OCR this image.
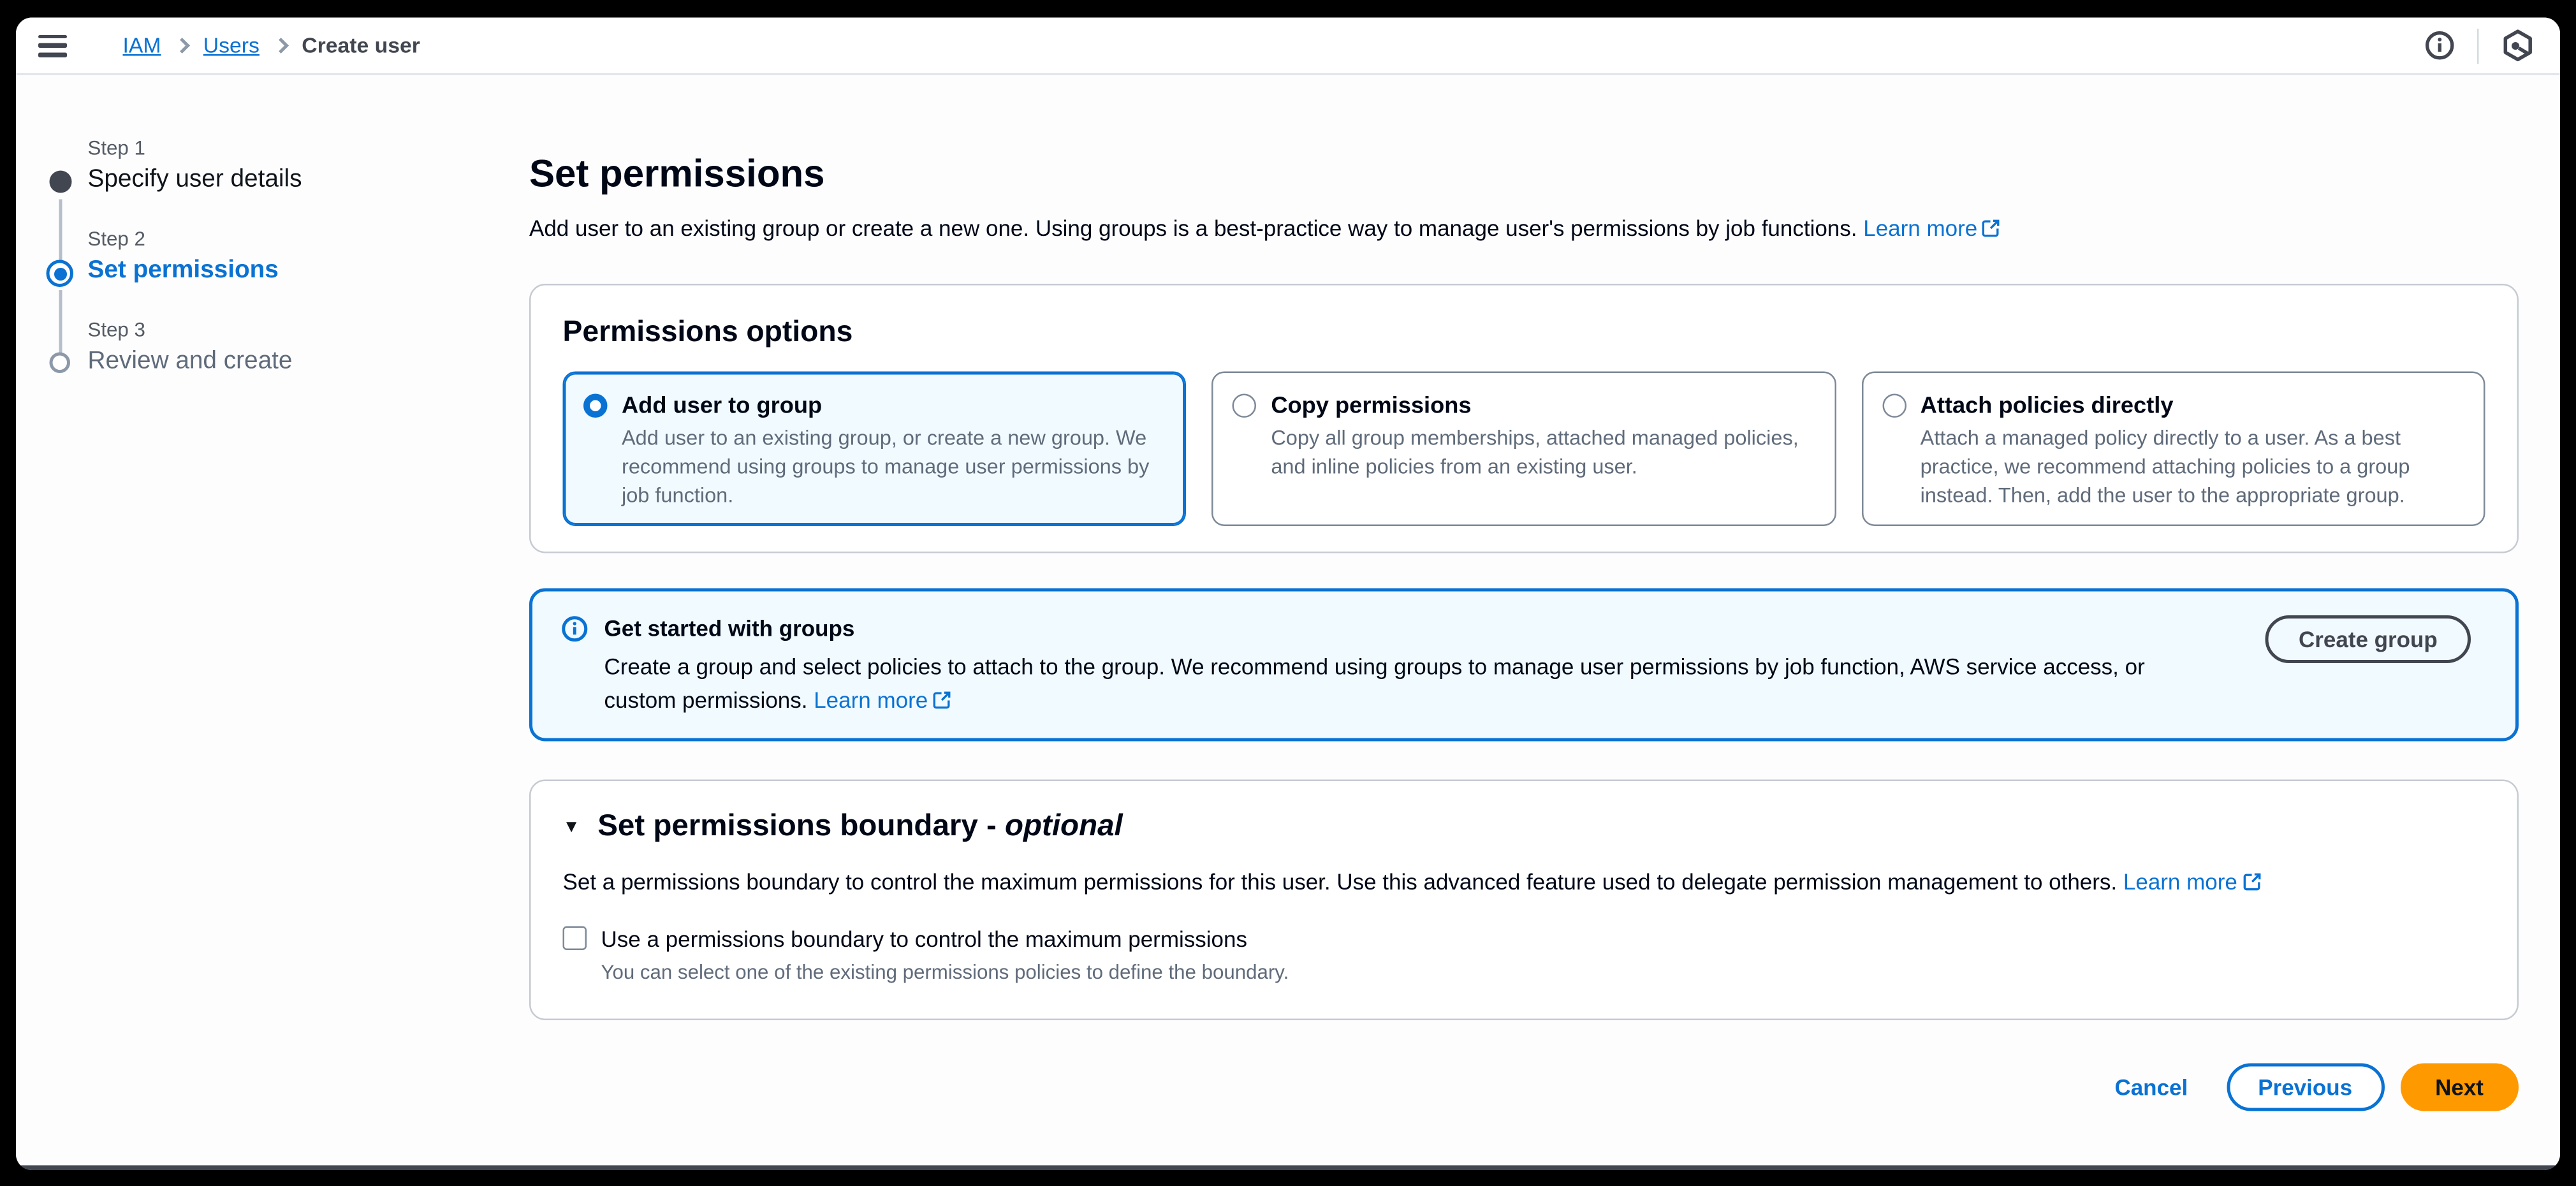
IAM	Users	Create user
Step 1
Specify user details
Step 2
Set permissions
Step 3
Review and create
Set permissions

Add user to an existing group or create a new one. Using groups is a best-practice way to manage user's permissions by job functions. Learn more

Permissions options
Add user to group
Add user to an existing group, or create a new group. We recommend using groups to manage user permissions by job function.
Copy permissions
Copy all group memberships, attached managed policies, and inline policies from an existing user.
Attach policies directly
Attach a managed policy directly to a user. As a best practice, we recommend attaching policies to a group instead. Then, add the user to the appropriate group.
Get started with groups
Create a group and select policies to attach to the group. We recommend using groups to manage user permissions by job function, AWS service access, or custom permissions. Learn more
Create group
▼ Set permissions boundary - optional
Set a permissions boundary to control the maximum permissions for this user. Use this advanced feature used to delegate permission management to others. Learn more
Use a permissions boundary to control the maximum permissions
You can select one of the existing permissions policies to define the boundary.
Cancel	Previous	Next
